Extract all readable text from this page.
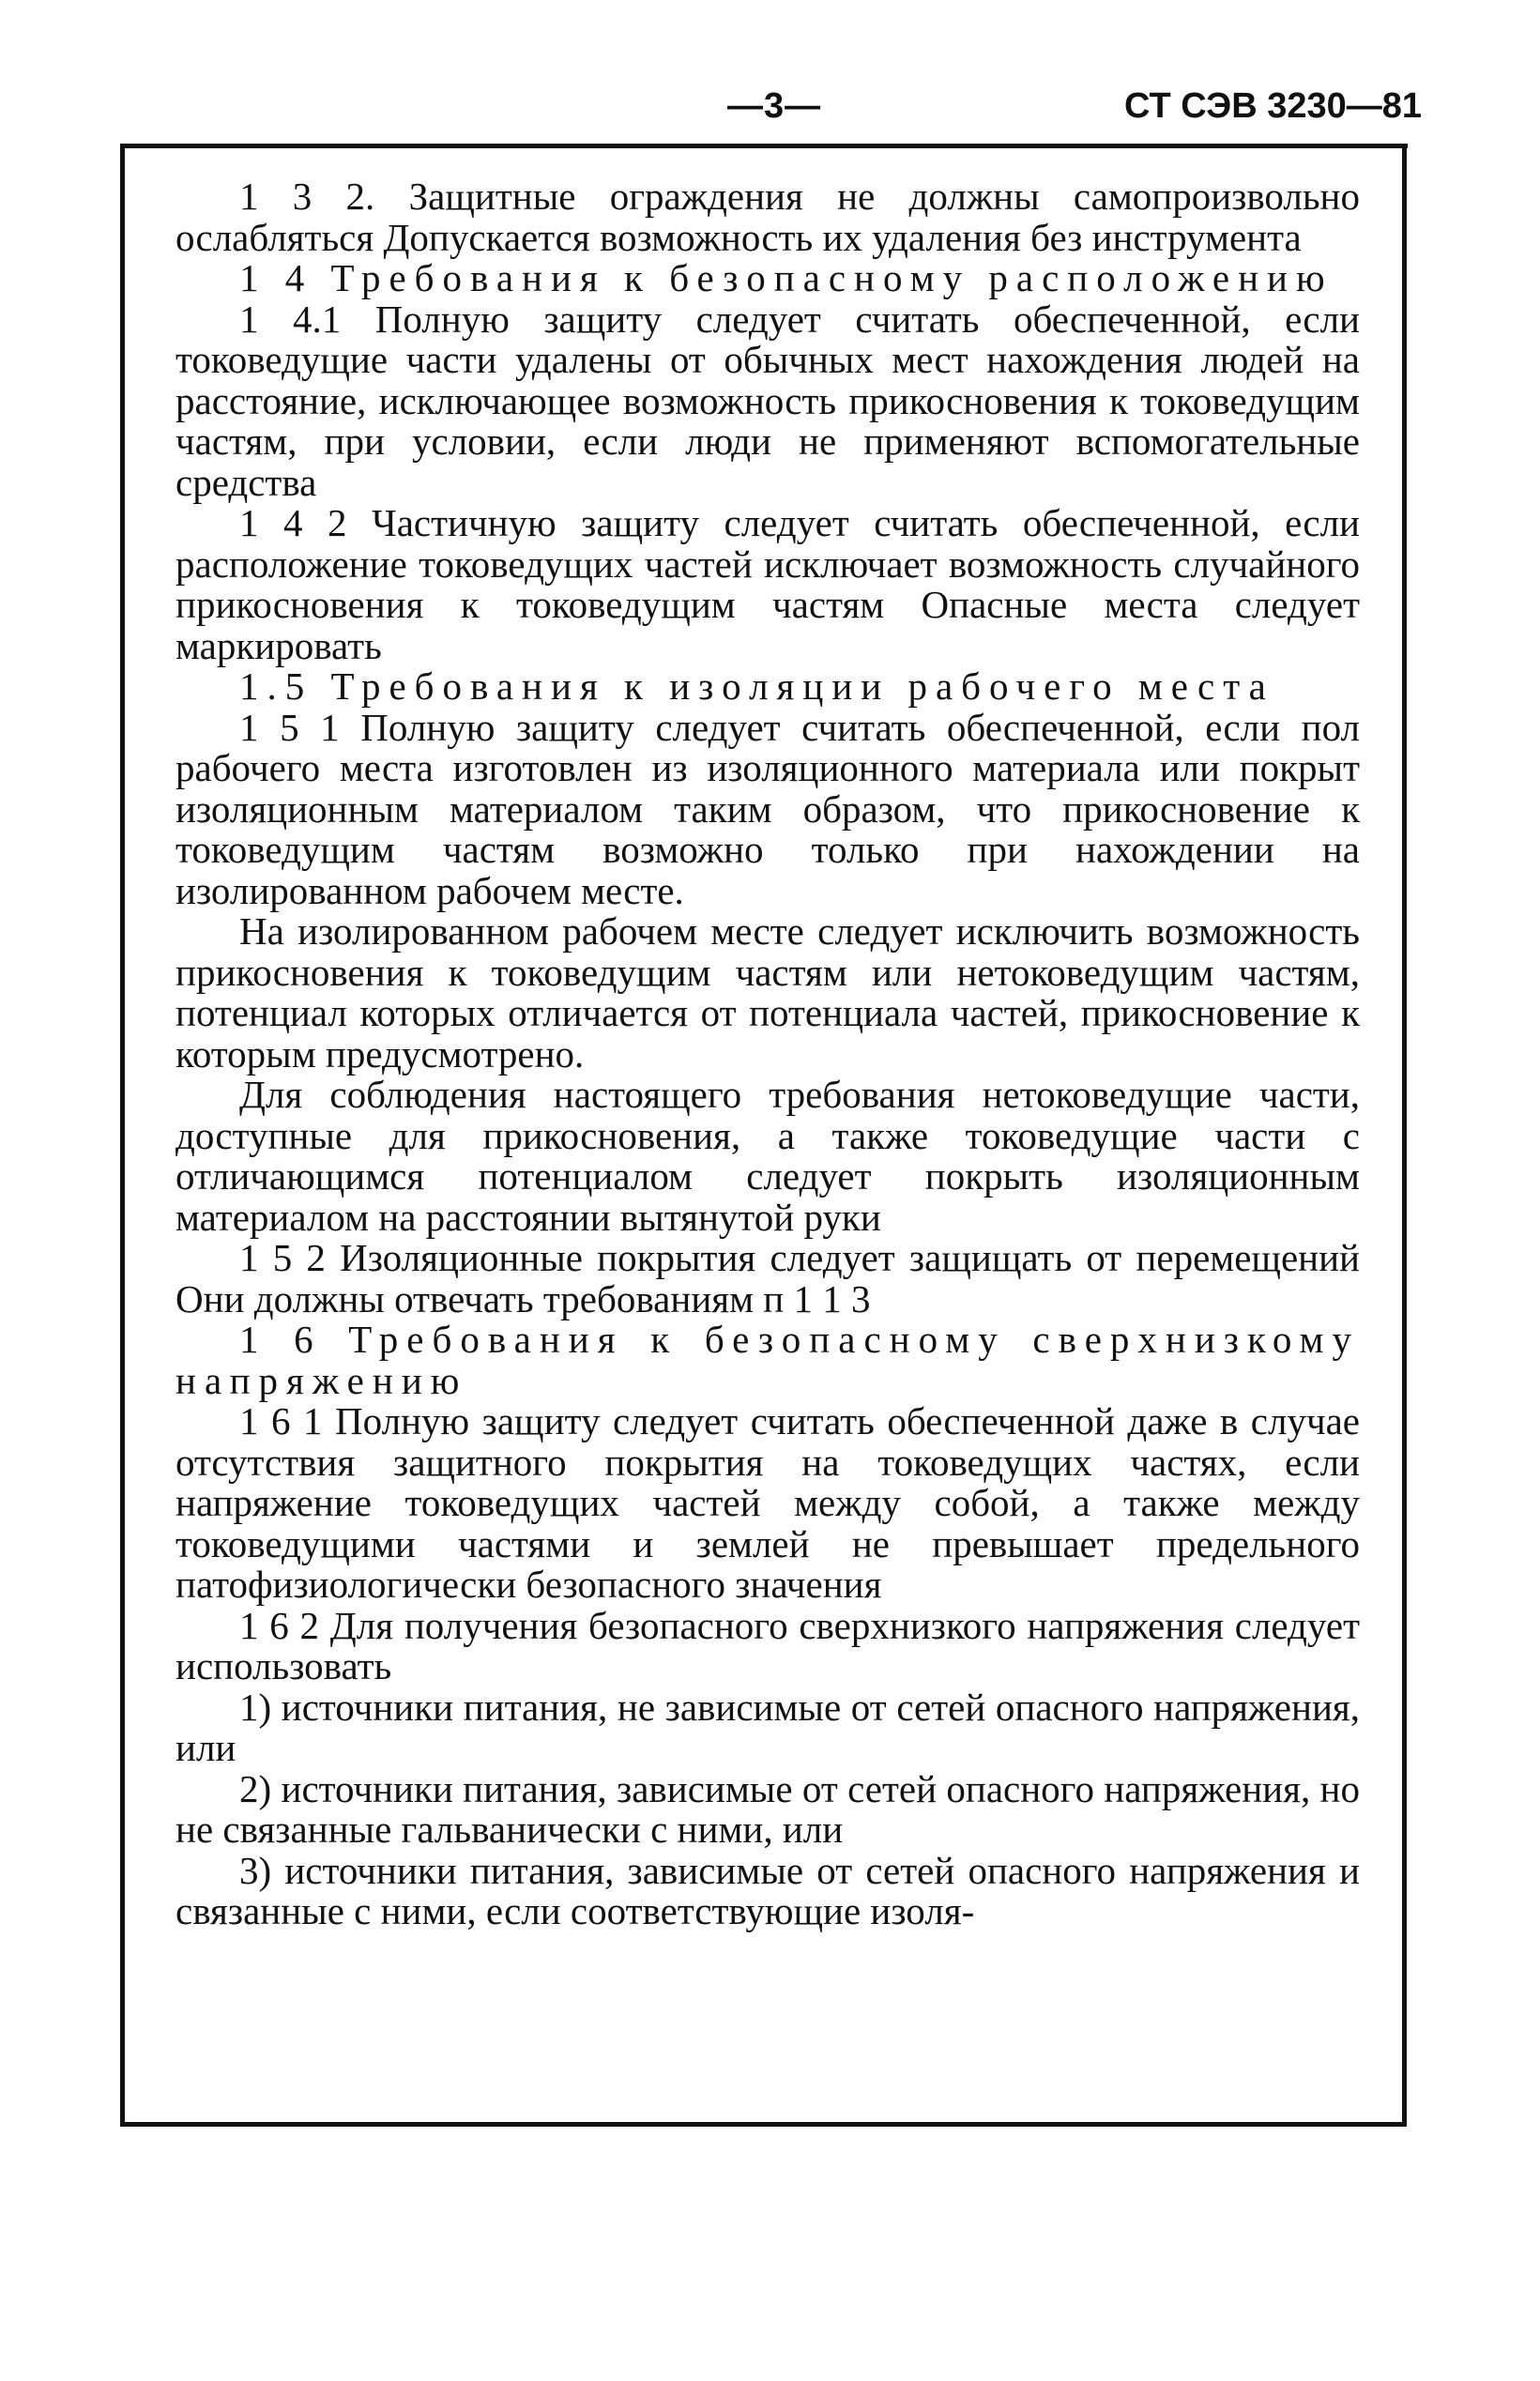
—3—	СТ СЭВ 3230—81

1 3 2. Защитные ограждения не должны самопроизвольно ослабляться Допускается возможность их удаления без инструмента

1 4 Требования к безопасному расположению

1 4.1 Полную защиту следует считать обеспеченной, если токоведущие части удалены от обычных мест нахождения людей на расстояние, исключающее возможность прикосновения к токоведущим частям, при условии, если люди не применяют вспомогательные средства

1 4 2 Частичную защиту следует считать обеспеченной, если расположение токоведущих частей исключает возможность случайного прикосновения к токоведущим частям Опасные места следует маркировать

1.5 Требования к изоляции рабочего места

1 5 1 Полную защиту следует считать обеспеченной, если пол рабочего места изготовлен из изоляционного материала или покрыт изоляционным материалом таким образом, что прикосновение к токоведущим частям возможно только при нахождении на изолированном рабочем месте.

На изолированном рабочем месте следует исключить возможность прикосновения к токоведущим частям или нетоковедущим частям, потенциал которых отличается от потенциала частей, прикосновение к которым предусмотрено.

Для соблюдения настоящего требования нетоковедущие части, доступные для прикосновения, а также токоведущие части с отличающимся потенциалом следует покрыть изоляционным материалом на расстоянии вытянутой руки

1 5 2 Изоляционные покрытия следует защищать от перемещений Они должны отвечать требованиям п 1 1 3

1 6 Требования к безопасному сверхнизкому напряжению

1 6 1 Полную защиту следует считать обеспеченной даже в случае отсутствия защитного покрытия на токоведущих частях, если напряжение токоведущих частей между собой, а также между токоведущими частями и землей не превышает предельного патофизиологически безопасного значения

1 6 2 Для получения безопасного сверхнизкого напряжения следует использовать

1) источники питания, не зависимые от сетей опасного напряжения, или

2) источники питания, зависимые от сетей опасного напряжения, но не связанные гальванически с ними, или

3) источники питания, зависимые от сетей опасного напряжения и связанные с ними, если соответствующие изоля-
